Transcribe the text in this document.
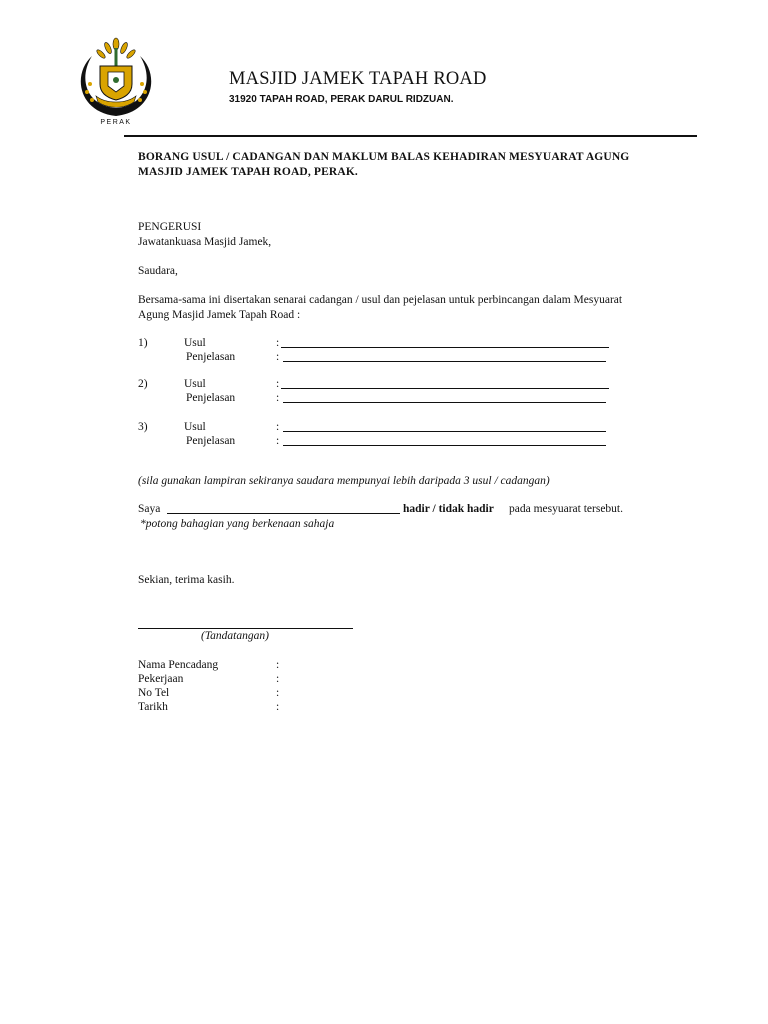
PERAK
MASJID JAMEK TAPAH ROAD
31920 TAPAH ROAD, PERAK DARUL RIDZUAN.
BORANG USUL / CADANGAN DAN MAKLUM BALAS KEHADIRAN MESYUARAT AGUNG
MASJID JAMEK TAPAH ROAD, PERAK.
PENGERUSI
Jawatankuasa Masjid Jamek,
Saudara,
Bersama-sama ini disertakan senarai cadangan / usul dan pejelasan untuk perbincangan dalam Mesyuarat
Agung Masjid Jamek Tapah Road :
1)	Usul	:
Penjelasan	:
2)	Usul	:
Penjelasan	:
3)	Usul	:
Penjelasan	:
(sila gunakan lampiran sekiranya saudara mempunyai lebih daripada 3 usul / cadangan)
Saya	hadir / tidak hadir pada mesyuarat tersebut.
*potong bahagian yang berkenaan sahaja
Sekian, terima kasih.
(Tandatangan)
Nama Pencadang	:
Pekerjaan	:
No Tel	:
Tarikh	:
